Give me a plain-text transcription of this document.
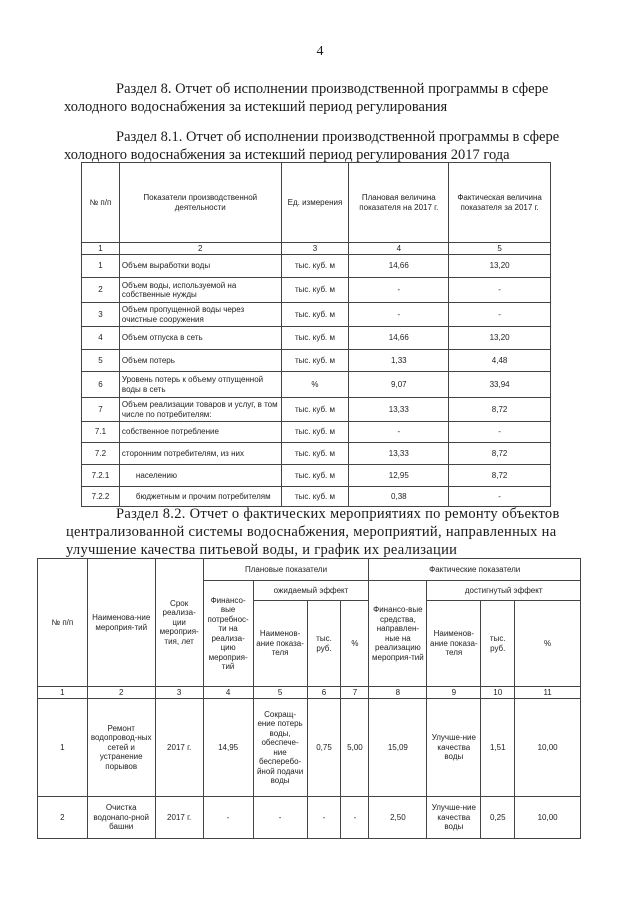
4
Раздел 8. Отчет об исполнении производственной программы в сфере
холодного водоснабжения за истекший период регулирования
Раздел 8.1. Отчет об исполнении производственной программы в сфере
холодного водоснабжения за истекший период регулирования 2017 года
№ п/п	Показатели производственной деятельности	Ед. измерения	Плановая величина показателя на 2017 г.	Фактическая величина показателя за 2017 г.
1	2	3	4	5
1	Объем выработки воды	тыс. куб. м	14,66	13,20
2	Объем воды, используемой на собственные нужды	тыс. куб. м	-	-
3	Объем пропущенной воды через очистные сооружения	тыс. куб. м	-	-
4	Объем отпуска в сеть	тыс. куб. м	14,66	13,20
5	Объем потерь	тыс. куб. м	1,33	4,48
6	Уровень потерь к объему отпущенной воды в сеть	%	9,07	33,94
7	Объем реализации товаров и услуг, в том числе по потребителям:	тыс. куб. м	13,33	8,72
7.1	собственное потребление	тыс. куб. м	-	-
7.2	сторонним потребителям, из них	тыс. куб. м	13,33	8,72
7.2.1	населению	тыс. куб. м	12,95	8,72
7.2.2	бюджетным и прочим потребителям	тыс. куб. м	0,38	-
Раздел 8.2. Отчет о фактических мероприятиях по ремонту объектов
централизованной системы водоснабжения, мероприятий, направленных на
улучшение качества питьевой воды, и график их реализации
№ п/п	Наименова-ние мероприя-тий	Срок реализа-ции мероприя-тия, лет	Плановые показатели				Фактические показатели			
			Финансо-вые потребнос-ти на реализа-цию мероприя-тий	ожидаемый эффект			Финансо-вые средства, направлен-ные на реализацию мероприя-тий	достигнутый эффект		
				Наименов-ание показа-теля	тыс. руб.	%		Наименов-ание показа-теля	тыс. руб.	%
1	2	3	4	5	6	7	8	9	10	11
1	Ремонт водопровод-ных сетей и устранение порывов	2017 г.	14,95	Сокращ-ение потерь воды, обеспече-ние бесперебо-йной подачи воды	0,75	5,00	15,09	Улучше-ние качества воды	1,51	10,00
2	Очистка водонапо-рной башни	2017 г.	-	-	-	-	2,50	Улучше-ние качества воды	0,25	10,00
